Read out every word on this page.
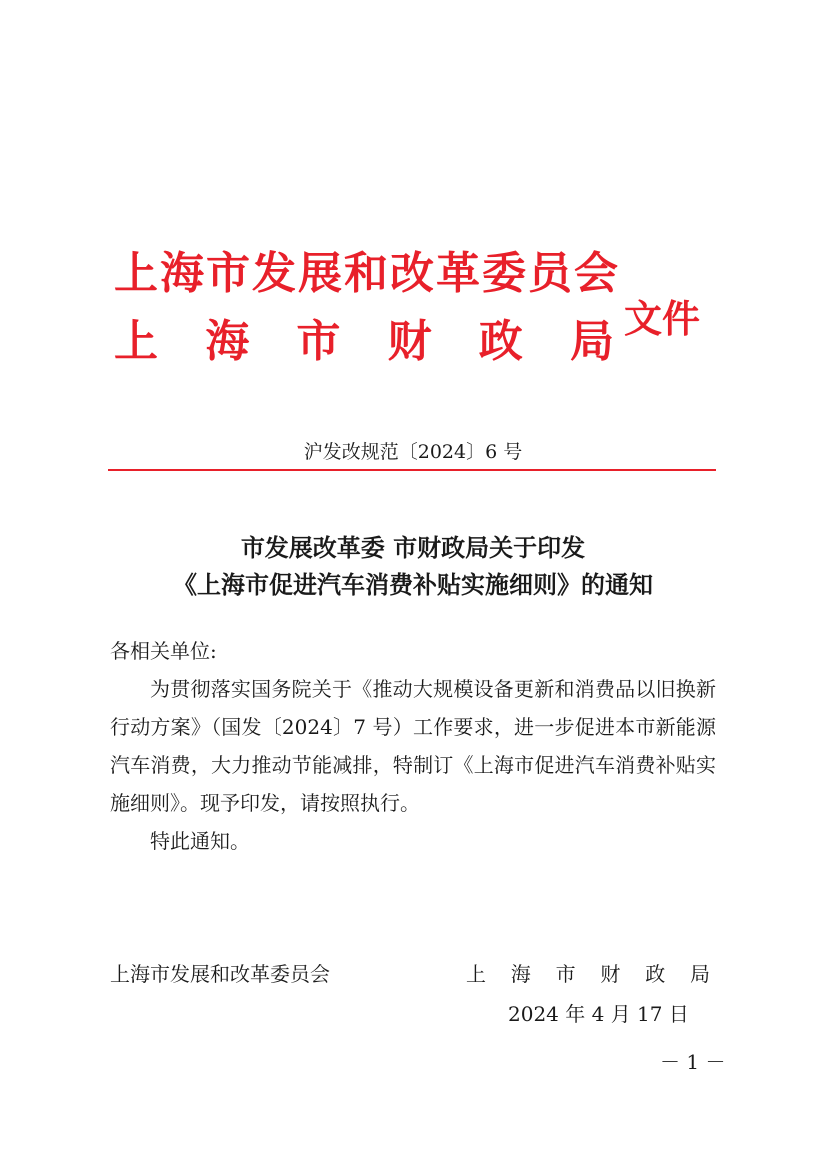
上海市发展和改革委员会
上 海 市 财 政 局 文件
沪发改规范〔2024〕6 号
市发展改革委 市财政局关于印发
《上海市促进汽车消费补贴实施细则》的通知
各相关单位:
为贯彻落实国务院关于《推动大规模设备更新和消费品以旧换新行动方案》（国发〔2024〕7 号）工作要求，进一步促进本市新能源汽车消费，大力推动节能减排，特制订《上海市促进汽车消费补贴实施细则》。现予印发，请按照执行。
特此通知。
上海市发展和改革委员会	上 海 市 财 政 局
2024 年 4 月 17 日
－ 1 －
